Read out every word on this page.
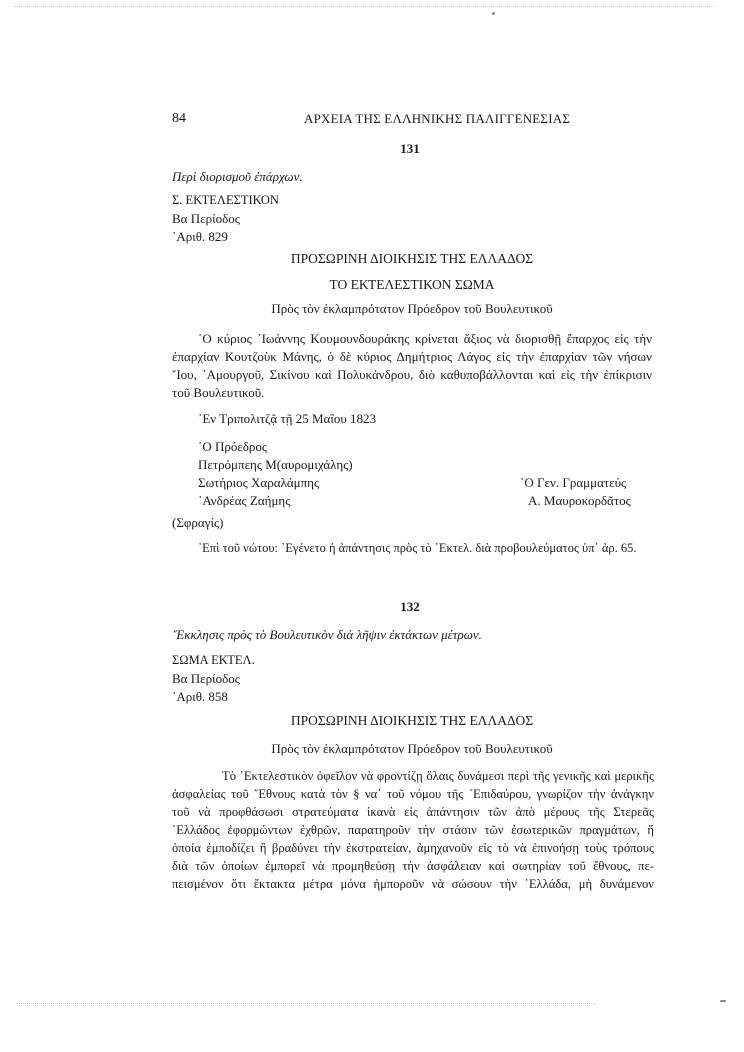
84	ΑΡΧΕΙΑ ΤΗΣ ΕΛΛΗΝΙΚΗΣ ΠΑΛΙΓΓΕΝΕΣΙΑΣ
131
Περὶ διορισμοῦ ἐπάρχων.
Σ. ΕΚΤΕΛΕΣΤΙΚΟΝ
Βα Περίοδος
᾿Αριθ. 829
ΠΡΟΣΩΡΙΝΗ ΔΙΟΙΚΗΣΙΣ ΤΗΣ ΕΛΛΑΔΟΣ
ΤΟ ΕΚΤΕΛΕΣΤΙΚΟΝ ΣΩΜΑ
Πρὸς τὸν ἐκλαμπρότατον Πρόεδρον τοῦ Βουλευτικοῦ
῾Ο κύριος ᾿Ιωάννης Κουμουνδουράκης κρίνεται ἄξιος νὰ διορισθῇ ἔπαρχος εἰς τὴν
ἐπαρχίαν Κουτζοὺκ Μάνης, ὁ δὲ κύριος Δημήτριος Λάγος εἰς τὴν ἐπαρχίαν τῶν νήσων
῎Ιου, ᾿Αμουργοῦ, Σικίνου καὶ Πολυκάνδρου, διὸ καθυποβάλλονται καὶ εἰς τὴν ἐπίκρισιν
τοῦ Βουλευτικοῦ.
᾿Εν Τριπολιτζᾷ τῇ 25 Μαΐου 1823
῾Ο Πρόεδρος
Πετρόμπεης Μ(αυρομιχάλης)
Σωτήριος Χαραλάμπης
᾿Ανδρέας Ζαήμης
῾Ο Γεν. Γραμματεύς
Α. Μαυροκορδᾶτος
(Σφραγίς)
᾿Επὶ τοῦ νώτου: ᾿Εγένετο ἡ ἀπάντησις πρὸς τὸ ᾿Εκτελ. διὰ προβουλεύματος ὑπ᾿ ἀρ. 65.
132
῎Εκκλησις πρὸς τὸ Βουλευτικὸν διὰ λῆψιν ἐκτάκτων μέτρων.
ΣΩΜΑ ΕΚΤΕΛ.
Βα Περίοδος
᾿Αριθ. 858
ΠΡΟΣΩΡΙΝΗ ΔΙΟΙΚΗΣΙΣ ΤΗΣ ΕΛΛΑΔΟΣ
Πρὸς τὸν ἐκλαμπρότατον Πρόεδρον τοῦ Βουλευτικοῦ
Τὸ ᾿Εκτελεστικὸν ὀφεῖλον νὰ φροντίζῃ ὅλαις δυνάμεσι περὶ τῆς γενικῆς καὶ μερικῆς
ἀσφαλείας τοῦ ῎Εθνους κατὰ τὸν § να᾿ τοῦ νόμου τῆς ᾿Επιδαύρου, γνωρίζον τὴν ἀνάγκην
τοῦ νὰ προφθάσωσι στρατεύματα ἱκανὰ εἰς ἀπάντησιν τῶν ἀπὸ μέρους τῆς Στερεᾶς
῾Ελλάδος ἐφορμώντων ἐχθρῶν, παρατηροῦν τὴν στάσιν τῶν ἐσωτερικῶν πραγμάτων, ἥ
ὁποία ἐμποδίζει ἢ βραδύνει τὴν ἐκστρατείαν, ἀμηχανοῦν εἰς τὸ νὰ ἐπινοήσῃ τοὺς τρόπους
διὰ τῶν ὁποίων ἐμπορεῖ νὰ προμηθεύσῃ τὴν ἀσφάλειαν καὶ σωτηρίαν τοῦ ἔθνους, πε-
πεισμένον ὅτι ἔκτακτα μέτρα μόνα ἠμποροῦν νὰ σώσουν τὴν ᾿Ελλάδα, μὴ δυνάμενον
